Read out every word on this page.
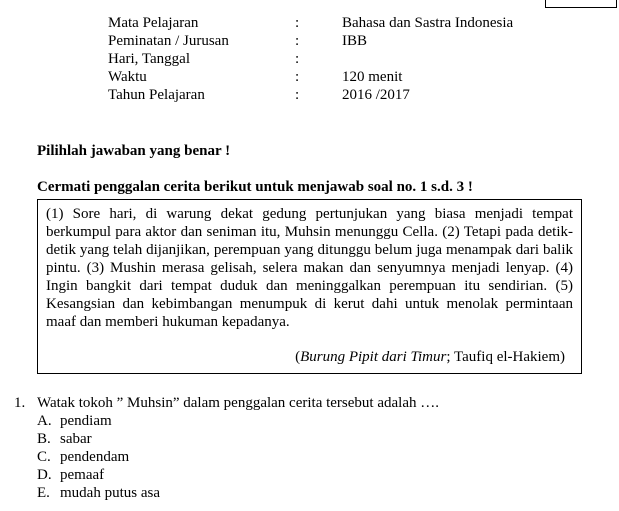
Mata Pelajaran	:	Bahasa dan Sastra Indonesia
Peminatan / Jurusan	:	IBB
Hari, Tanggal	:
Waktu	:	120 menit
Tahun Pelajaran	:	2016 /2017
Pilihlah jawaban yang benar !
Cermati penggalan cerita berikut untuk menjawab soal no. 1 s.d. 3 !
(1) Sore hari, di warung dekat gedung pertunjukan yang biasa menjadi tempat berkumpul para aktor dan seniman itu, Muhsin menunggu Cella. (2) Tetapi pada detik-detik yang telah dijanjikan, perempuan yang ditunggu belum juga menampak dari balik pintu. (3) Mushin merasa gelisah, selera makan dan senyumnya menjadi lenyap. (4) Ingin bangkit dari tempat duduk dan meninggalkan perempuan itu sendirian. (5) Kesangsian dan kebimbangan menumpuk di kerut dahi untuk menolak permintaan maaf dan memberi hukuman kepadanya.
(Burung Pipit dari Timur; Taufiq el-Hakiem)
1. Watak tokoh ” Muhsin” dalam penggalan cerita tersebut adalah ….
A. pendiam
B. sabar
C. pendendam
D. pemaaf
E. mudah putus asa
